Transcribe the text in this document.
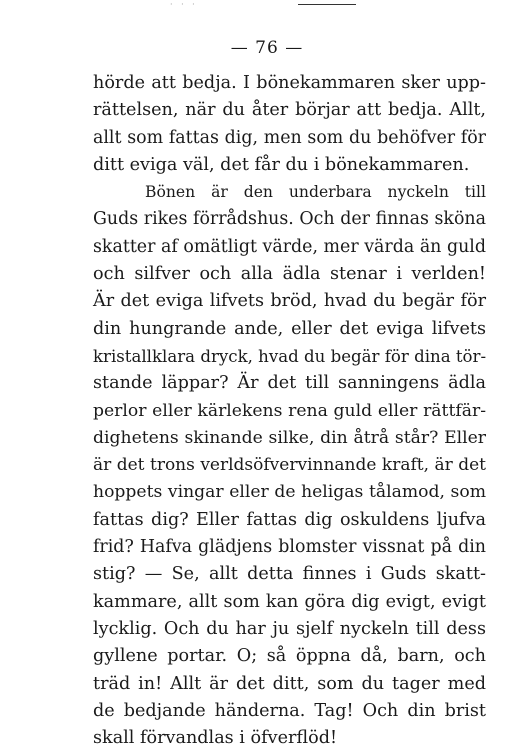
· · ·
— 76 —
hörde att bedja. I bönekammaren sker upp-
rättelsen, när du åter börjar att bedja. Allt,
allt som fattas dig, men som du behöfver för
ditt eviga väl, det får du i bönekammaren.
Bönen är den underbara nyckeln till
Guds rikes förrådshus. Och der finnas sköna
skatter af omätligt värde, mer värda än guld
och silfver och alla ädla stenar i verlden!
Är det eviga lifvets bröd, hvad du begär för
din hungrande ande, eller det eviga lifvets
kristallklara dryck, hvad du begär för dina tör-
stande läppar? Är det till sanningens ädla
perlor eller kärlekens rena guld eller rättfär-
dighetens skinande silke, din åtrå står? Eller
är det trons verldsöfvervinnande kraft, är det
hoppets vingar eller de heligas tålamod, som
fattas dig? Eller fattas dig oskuldens ljufva
frid? Hafva glädjens blomster vissnat på din
stig? — Se, allt detta finnes i Guds skatt-
kammare, allt som kan göra dig evigt, evigt
lycklig. Och du har ju sjelf nyckeln till dess
gyllene portar. O; så öppna då, barn, och
träd in! Allt är det ditt, som du tager med
de bedjande händerna. Tag! Och din brist
skall förvandlas i öfverflöd!
